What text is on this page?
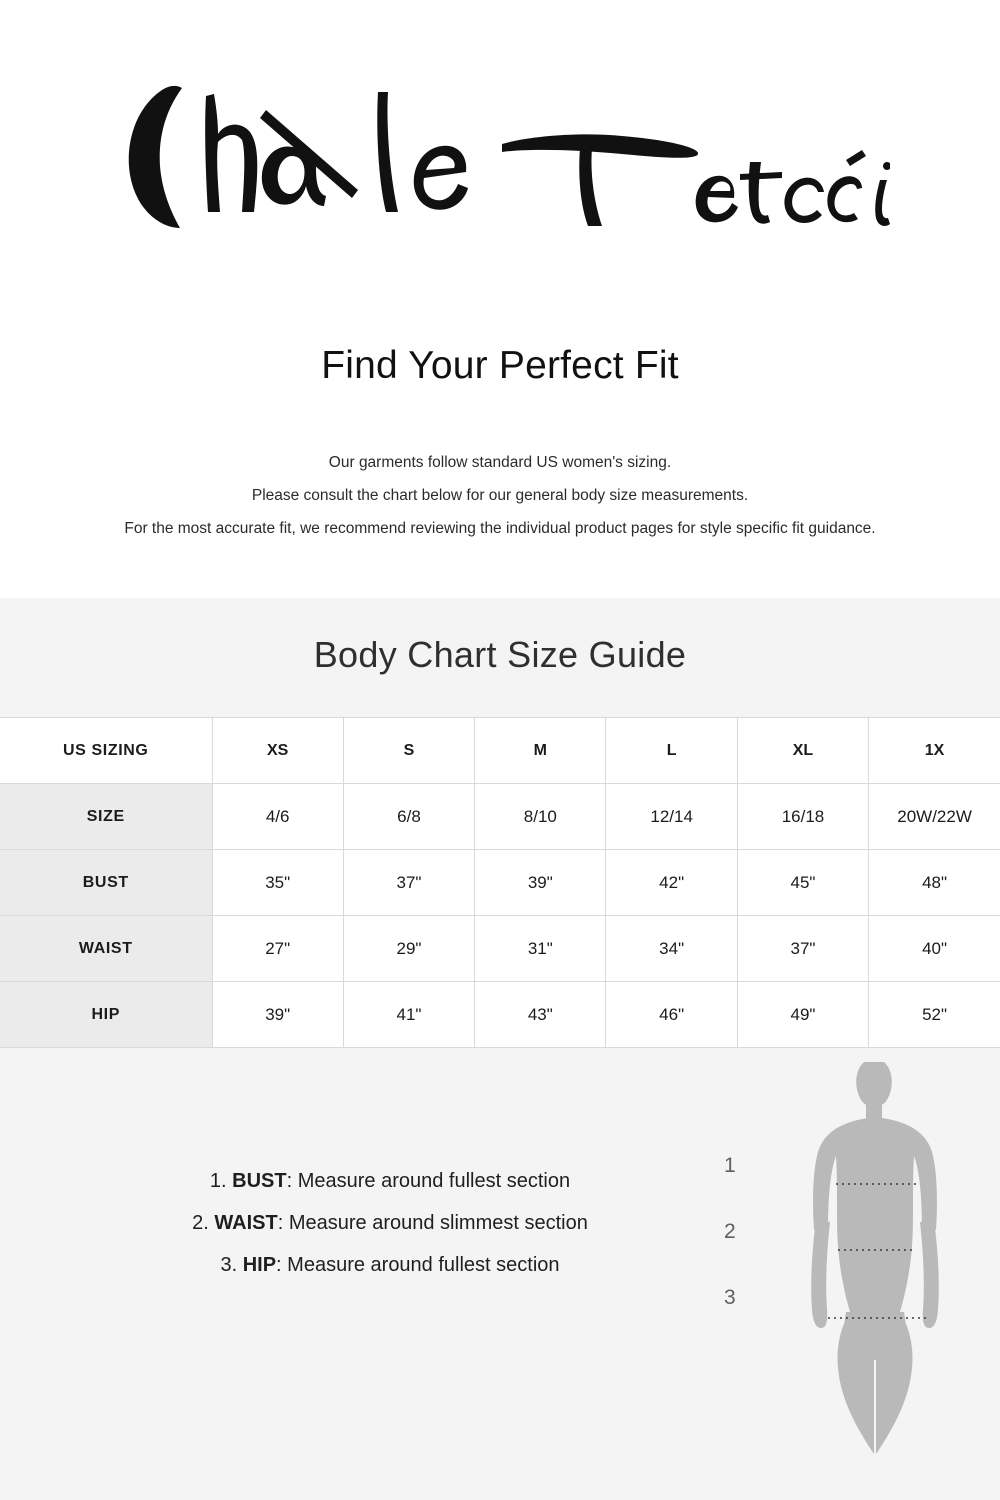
Find Your Perfect Fit
Our garments follow standard US women's sizing.
Please consult the chart below for our general body size measurements.
For the most accurate fit, we recommend reviewing the individual product pages for style specific fit guidance.
Body Chart Size Guide
US SIZING	XS	S	M	L	XL	1X
SIZE	4/6	6/8	8/10	12/14	16/18	20W/22W
BUST	35"	37"	39"	42"	45"	48"
WAIST	27"	29"	31"	34"	37"	40"
HIP	39"	41"	43"	46"	49"	52"
1. BUST: Measure around fullest section
2. WAIST: Measure around slimmest section
3. HIP: Measure around fullest section
1
2
3
